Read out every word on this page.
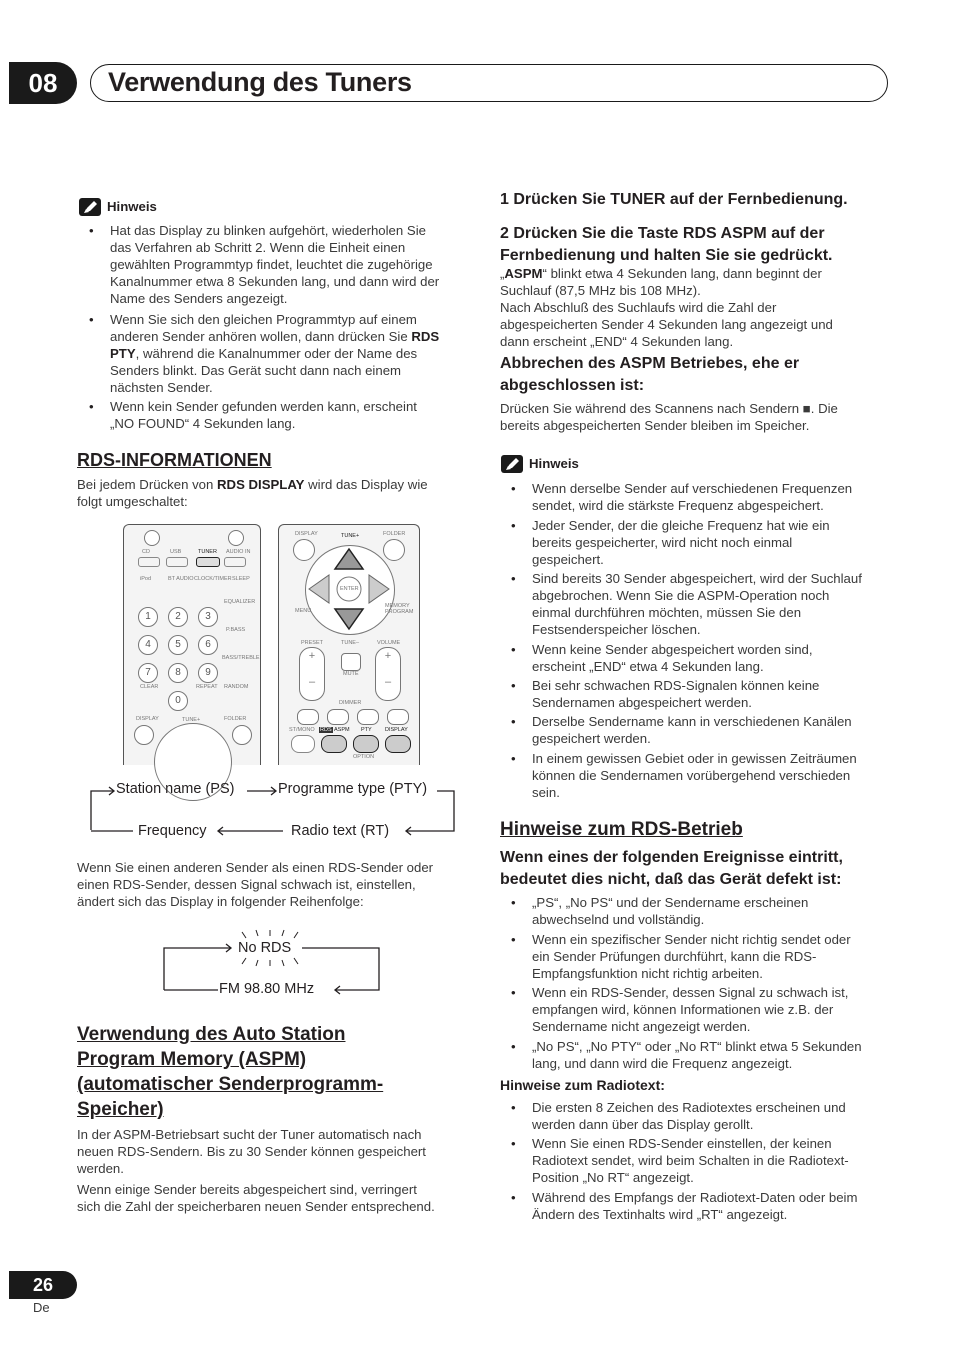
08	Verwendung des Tuners
Hinweis
• Hat das Display zu blinken aufgehört, wiederholen Sie
das Verfahren ab Schritt 2. Wenn die Einheit einen
gewählten Programmtyp findet, leuchtet die zugehörige
Kanalnummer etwa 8 Sekunden lang, und dann wird der
Name des Senders angezeigt.
• Wenn Sie sich den gleichen Programmtyp auf einem
anderen Sender anhören wollen, dann drücken Sie RDS
PTY, während die Kanalnummer oder der Name des
Senders blinkt. Das Gerät sucht dann nach einem
nächsten Sender.
• Wenn kein Sender gefunden werden kann, erscheint
„NO FOUND“ 4 Sekunden lang.
RDS-INFORMATIONEN
Bei jedem Drücken von RDS DISPLAY wird das Display wie
folgt umgeschaltet:
CD	USB	TUNER AUDIO IN
iPod	BT AUDIO CLOCK/TIMER SLEEP
EQUALIZER
1	2	3
P.BASS
4	5	6
BASS/TREBLE
7	8	9
CLEAR	REPEAT RANDOM
0
DISPLAY	TUNE+	FOLDER
DISPLAY	TUNE+	FOLDER
ENTER
MENU
MEMORY
PROGRAM
PRESET	TUNE–	VOLUME
+
–
+
–
MUTE
DIMMER
ST/MONO RDS ASPM PTY DISPLAY
OPTION
Station name (PS)	Programme type (PTY)
Frequency	Radio text (RT)
Wenn Sie einen anderen Sender als einen RDS-Sender oder
einen RDS-Sender, dessen Signal schwach ist, einstellen,
ändert sich das Display in folgender Reihenfolge:
No RDS
FM 98.80 MHz
Verwendung des Auto Station
Program Memory (ASPM)
(automatischer Senderprogramm-
Speicher)
In der ASPM-Betriebsart sucht der Tuner automatisch nach
neuen RDS-Sendern. Bis zu 30 Sender können gespeichert
werden.
Wenn einige Sender bereits abgespeichert sind, verringert
sich die Zahl der speicherbaren neuen Sender entsprechend.
1 Drücken Sie TUNER auf der Fernbedienung.
2 Drücken Sie die Taste RDS ASPM auf der
Fernbedienung und halten Sie sie gedrückt.
„ASPM“ blinkt etwa 4 Sekunden lang, dann beginnt der
Suchlauf (87,5 MHz bis 108 MHz).
Nach Abschluß des Suchlaufs wird die Zahl der
abgespeicherten Sender 4 Sekunden lang angezeigt und
dann erscheint „END“ 4 Sekunden lang.
Abbrechen des ASPM Betriebes, ehe er
abgeschlossen ist:
Drücken Sie während des Scannens nach Sendern ■. Die
bereits abgespeicherten Sender bleiben im Speicher.
Hinweis
• Wenn derselbe Sender auf verschiedenen Frequenzen
sendet, wird die stärkste Frequenz abgespeichert.
• Jeder Sender, der die gleiche Frequenz hat wie ein
bereits gespeicherter, wird nicht noch einmal
gespeichert.
• Sind bereits 30 Sender abgespeichert, wird der Suchlauf
abgebrochen. Wenn Sie die ASPM-Operation noch
einmal durchführen möchten, müssen Sie den
Festsenderspeicher löschen.
• Wenn keine Sender abgespeichert worden sind,
erscheint „END“ etwa 4 Sekunden lang.
• Bei sehr schwachen RDS-Signalen können keine
Sendernamen abgespeichert werden.
• Derselbe Sendername kann in verschiedenen Kanälen
gespeichert werden.
• In einem gewissen Gebiet oder in gewissen Zeiträumen
können die Sendernamen vorübergehend verschieden
sein.
Hinweise zum RDS-Betrieb
Wenn eines der folgenden Ereignisse eintritt,
bedeutet dies nicht, daß das Gerät defekt ist:
• „PS“, „No PS“ und der Sendername erscheinen
abwechselnd und vollständig.
• Wenn ein spezifischer Sender nicht richtig sendet oder
ein Sender Prüfungen durchführt, kann die RDS-
Empfangsfunktion nicht richtig arbeiten.
• Wenn ein RDS-Sender, dessen Signal zu schwach ist,
empfangen wird, können Informationen wie z.B. der
Sendername nicht angezeigt werden.
• „No PS“, „No PTY“ oder „No RT“ blinkt etwa 5 Sekunden
lang, und dann wird die Frequenz angezeigt.
Hinweise zum Radiotext:
• Die ersten 8 Zeichen des Radiotextes erscheinen und
werden dann über das Display gerollt.
• Wenn Sie einen RDS-Sender einstellen, der keinen
Radiotext sendet, wird beim Schalten in die Radiotext-
Position „No RT“ angezeigt.
• Während des Empfangs der Radiotext-Daten oder beim
Ändern des Textinhalts wird „RT“ angezeigt.
26
De
